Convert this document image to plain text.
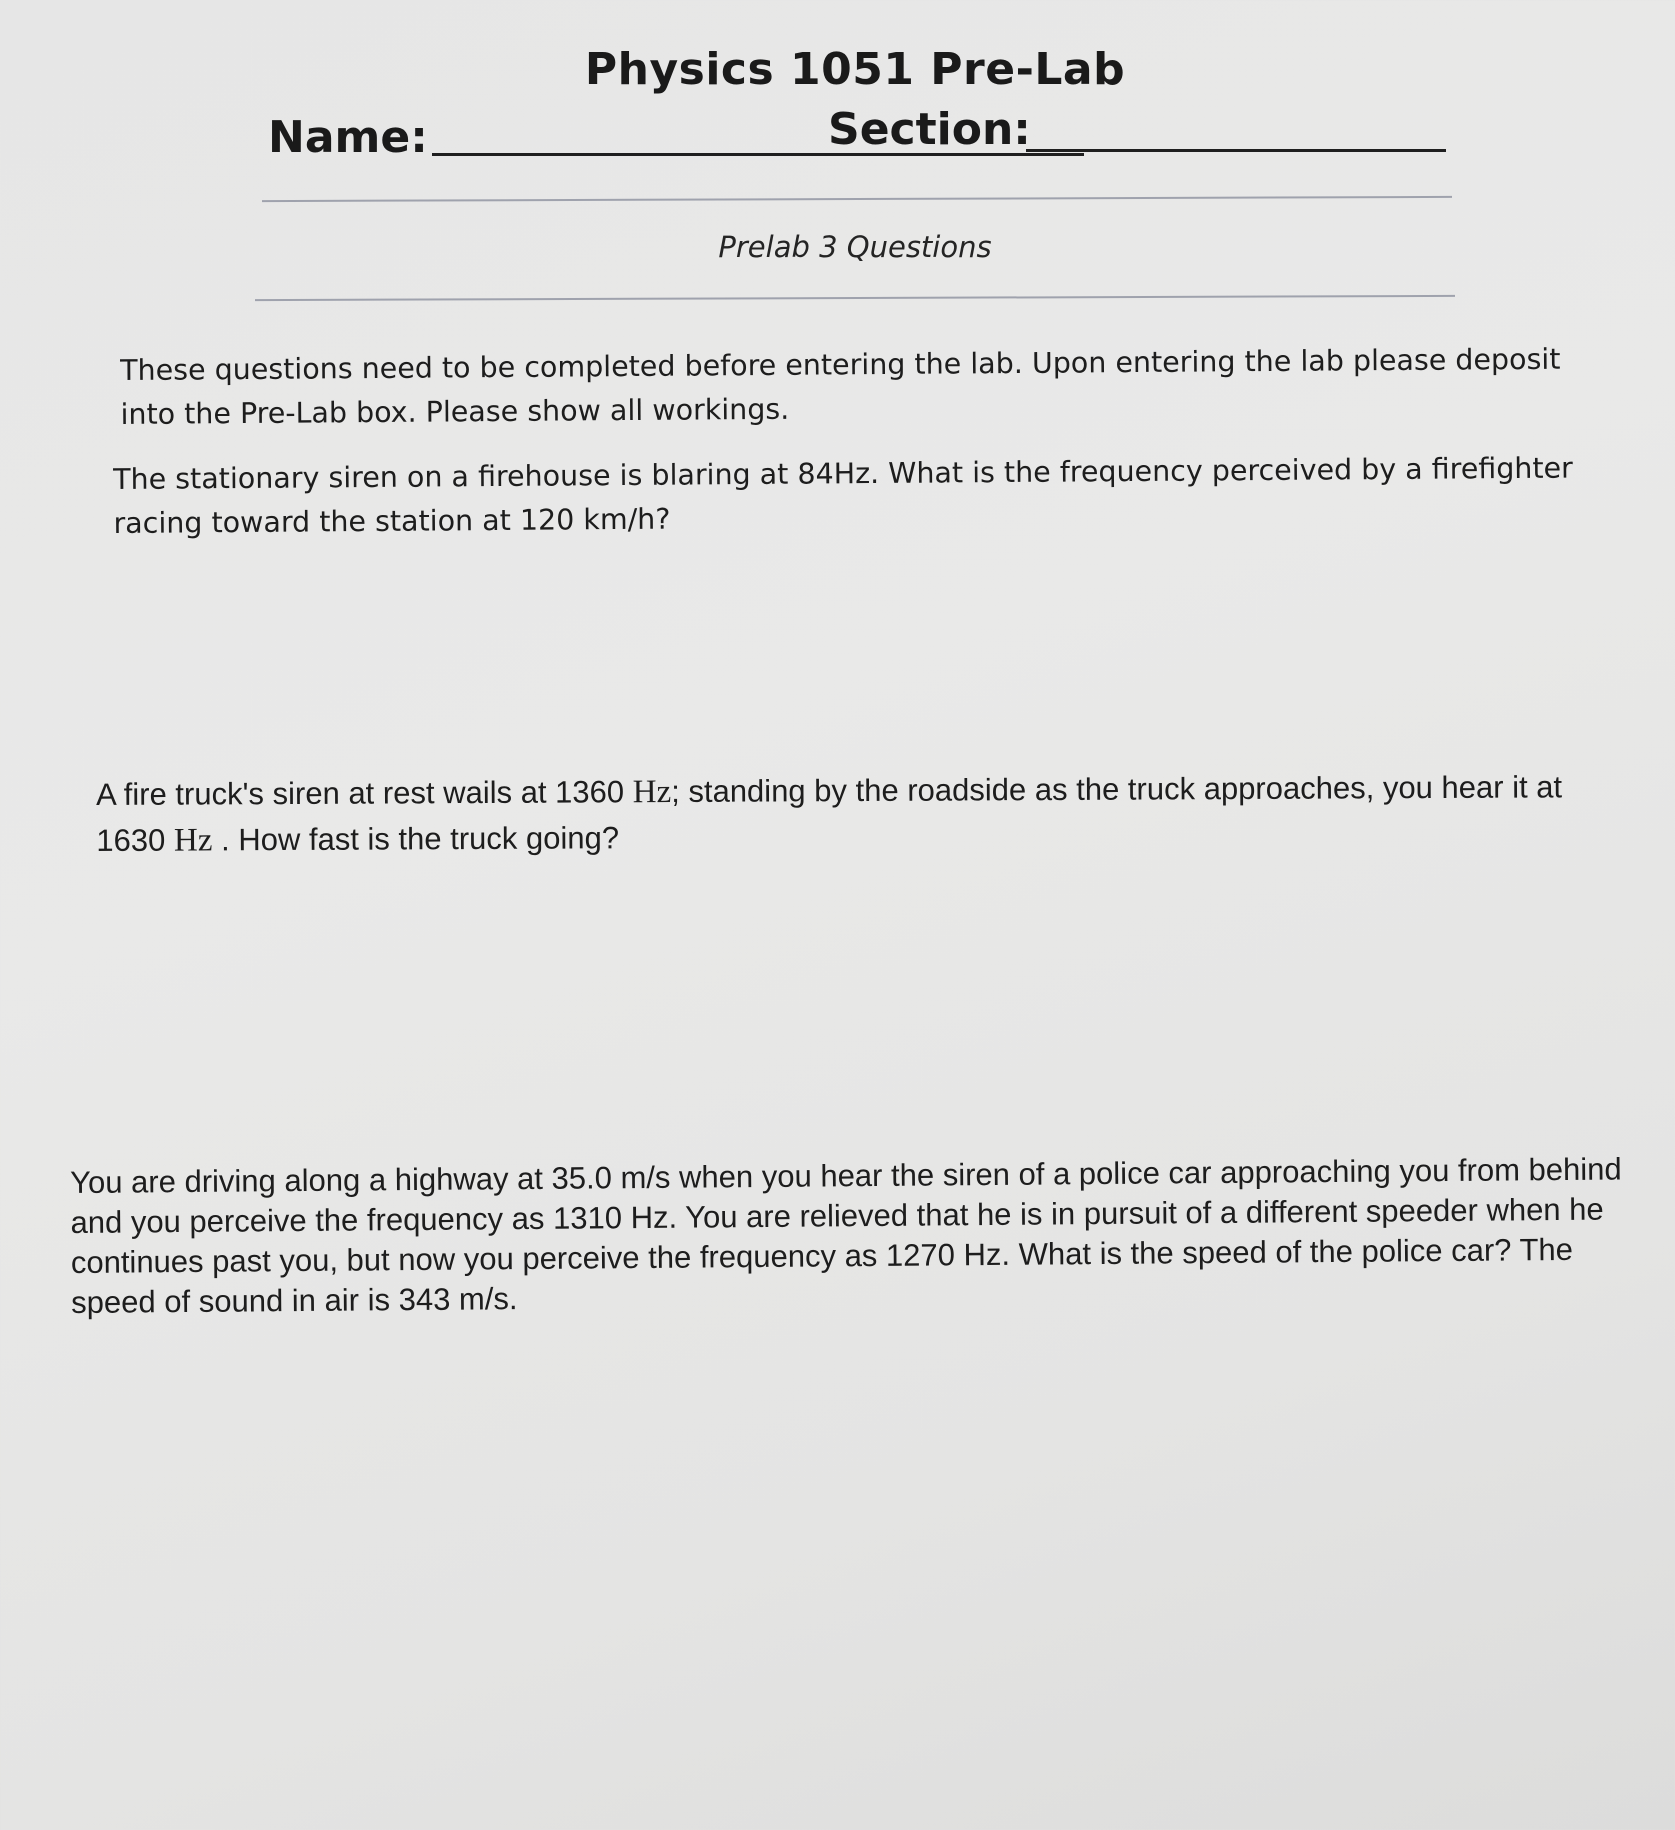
Physics 1051 Pre-Lab
Name:	Section:
Prelab 3 Questions
These questions need to be completed before entering the lab. Upon entering the lab please deposit into the Pre-Lab box. Please show all workings.
The stationary siren on a firehouse is blaring at 84Hz. What is the frequency perceived by a firefighter racing toward the station at 120 km/h?
A fire truck's siren at rest wails at 1360 Hz; standing by the roadside as the truck approaches, you hear it at 1630 Hz . How fast is the truck going?
You are driving along a highway at 35.0 m/s when you hear the siren of a police car approaching you from behind and you perceive the frequency as 1310 Hz. You are relieved that he is in pursuit of a different speeder when he continues past you, but now you perceive the frequency as 1270 Hz. What is the speed of the police car? The speed of sound in air is 343 m/s.
